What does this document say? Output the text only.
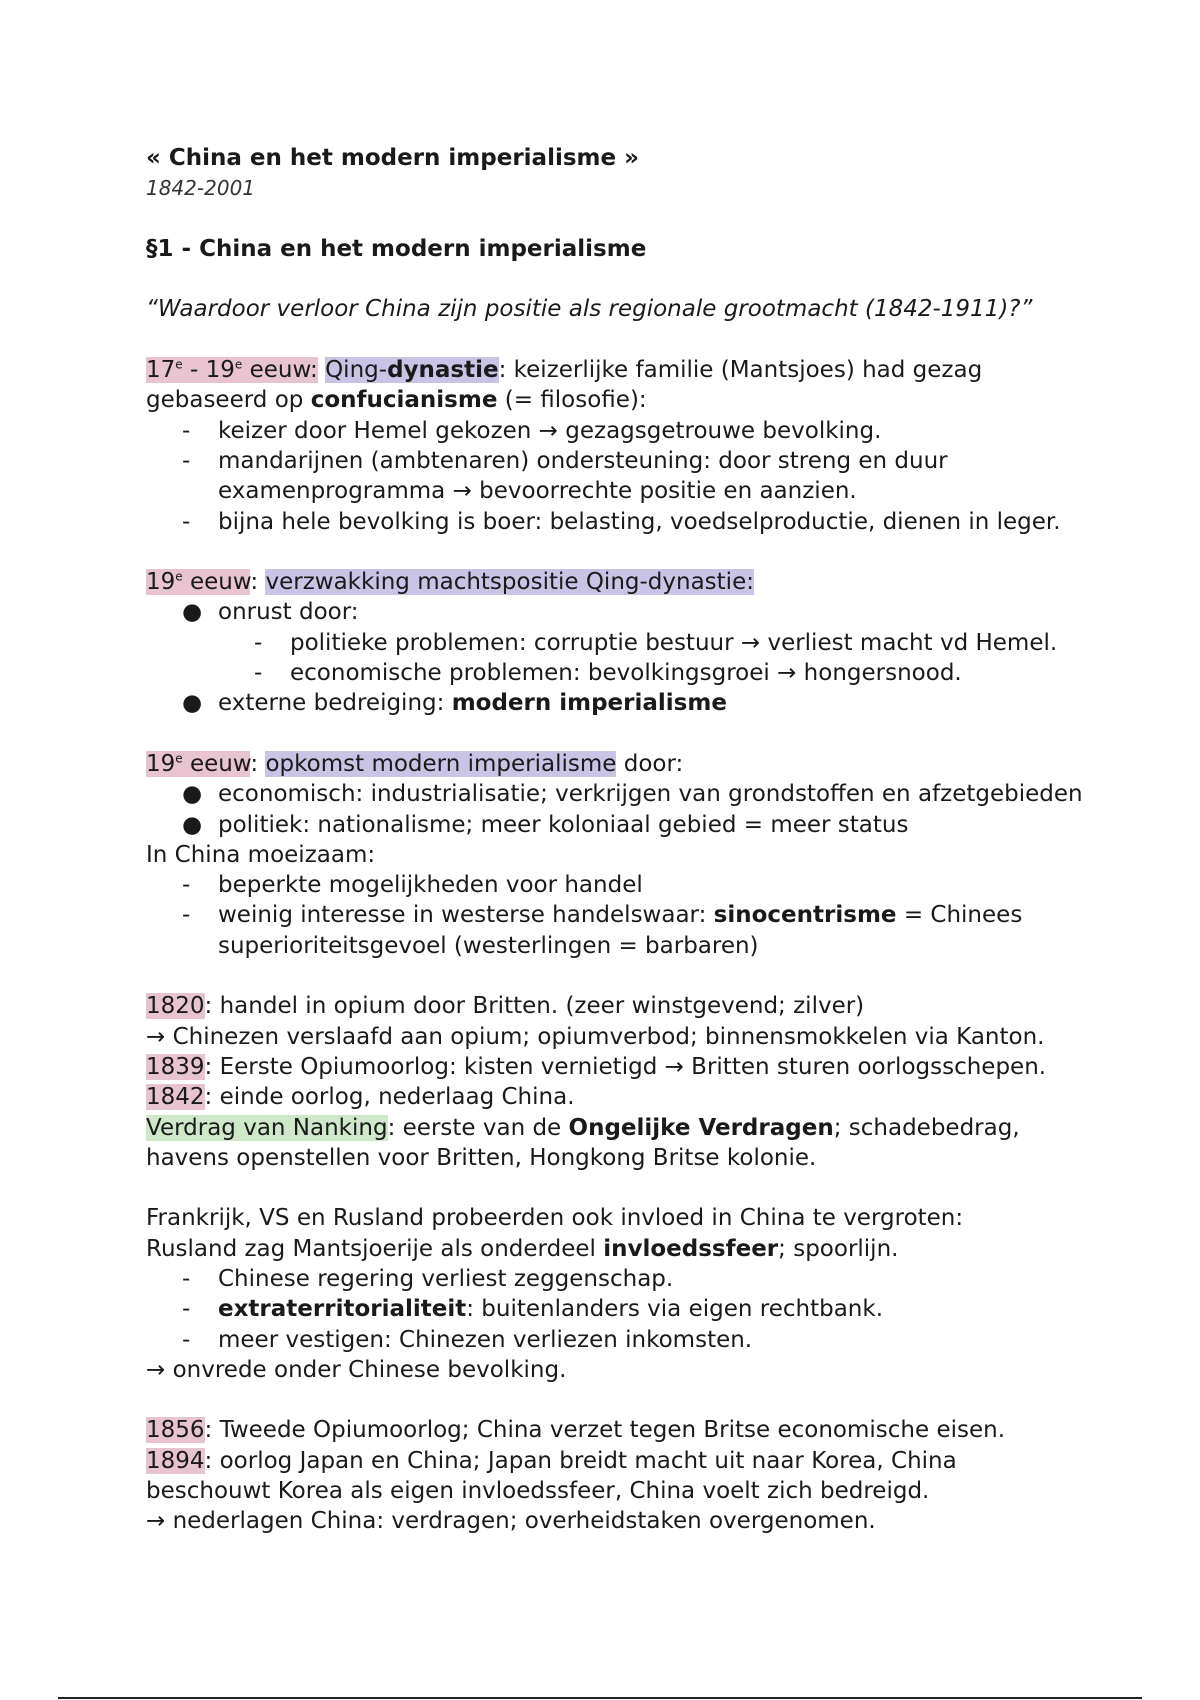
« China en het modern imperialisme »
1842-2001
§1 - China en het modern imperialisme
“Waardoor verloor China zijn positie als regionale grootmacht (1842-1911)?”
17e - 19e eeuw: Qing-dynastie: keizerlijke familie (Mantsjoes) had gezag
gebaseerd op confucianisme (= filosofie):
- keizer door Hemel gekozen → gezagsgetrouwe bevolking.
- mandarijnen (ambtenaren) ondersteuning: door streng en duur
examenprogramma → bevoorrechte positie en aanzien.
- bijna hele bevolking is boer: belasting, voedselproductie, dienen in leger.
19e eeuw: verzwakking machtspositie Qing-dynastie:
● onrust door:
- politieke problemen: corruptie bestuur → verliest macht vd Hemel.
- economische problemen: bevolkingsgroei → hongersnood.
● externe bedreiging: modern imperialisme
19e eeuw: opkomst modern imperialisme door:
● economisch: industrialisatie; verkrijgen van grondstoffen en afzetgebieden
● politiek: nationalisme; meer koloniaal gebied = meer status
In China moeizaam:
- beperkte mogelijkheden voor handel
- weinig interesse in westerse handelswaar: sinocentrisme = Chinees
superioriteitsgevoel (westerlingen = barbaren)
1820: handel in opium door Britten. (zeer winstgevend; zilver)
→ Chinezen verslaafd aan opium; opiumverbod; binnensmokkelen via Kanton.
1839: Eerste Opiumoorlog: kisten vernietigd → Britten sturen oorlogsschepen.
1842: einde oorlog, nederlaag China.
Verdrag van Nanking: eerste van de Ongelijke Verdragen; schadebedrag,
havens openstellen voor Britten, Hongkong Britse kolonie.
Frankrijk, VS en Rusland probeerden ook invloed in China te vergroten:
Rusland zag Mantsjoerije als onderdeel invloedssfeer; spoorlijn.
- Chinese regering verliest zeggenschap.
- extraterritorialiteit: buitenlanders via eigen rechtbank.
- meer vestigen: Chinezen verliezen inkomsten.
→ onvrede onder Chinese bevolking.
1856: Tweede Opiumoorlog; China verzet tegen Britse economische eisen.
1894: oorlog Japan en China; Japan breidt macht uit naar Korea, China
beschouwt Korea als eigen invloedssfeer, China voelt zich bedreigd.
→ nederlagen China: verdragen; overheidstaken overgenomen.
